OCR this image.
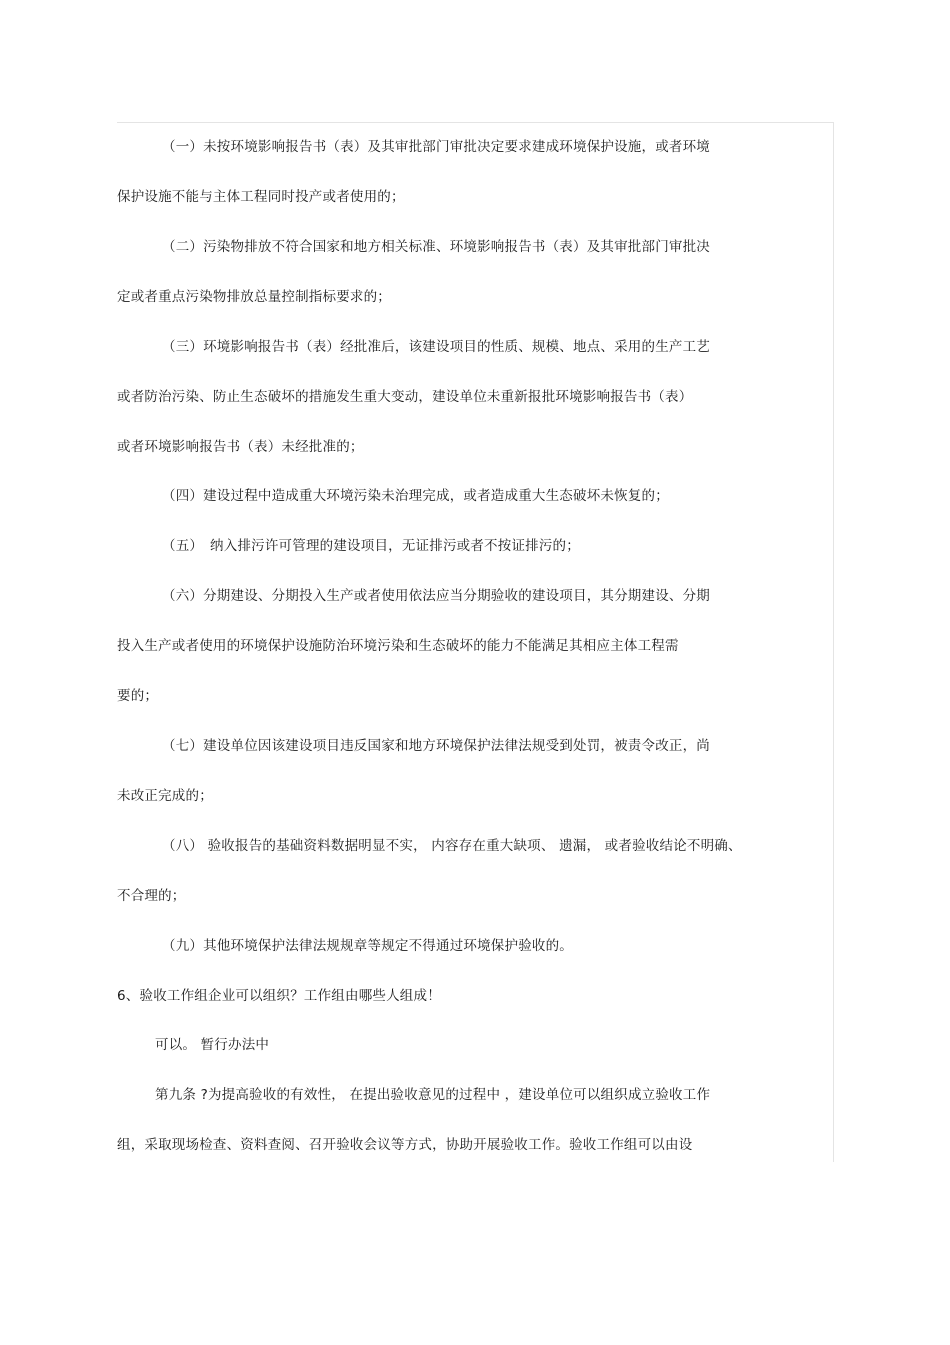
（一）未按环境影响报告书（表）及其审批部门审批决定要求建成环境保护设施，或者环境
保护设施不能与主体工程同时投产或者使用的；
（二）污染物排放不符合国家和地方相关标准、环境影响报告书（表）及其审批部门审批决
定或者重点污染物排放总量控制指标要求的；
（三）环境影响报告书（表）经批准后，该建设项目的性质、规模、地点、采用的生产工艺
或者防治污染、防止生态破坏的措施发生重大变动，建设单位未重新报批环境影响报告书（表）
或者环境影响报告书（表）未经批准的；
（四）建设过程中造成重大环境污染未治理完成，或者造成重大生态破坏未恢复的；
（五）　纳入排污许可管理的建设项目，无证排污或者不按证排污的；
（六）分期建设、分期投入生产或者使用依法应当分期验收的建设项目，其分期建设、分期
投入生产或者使用的环境保护设施防治环境污染和生态破坏的能力不能满足其相应主体工程需
要的；
（七）建设单位因该建设项目违反国家和地方环境保护法律法规受到处罚，被责令改正，尚
未改正完成的；
（八） 验收报告的基础资料数据明显不实， 内容存在重大缺项、 遗漏， 或者验收结论不明确、
不合理的；
（九）其他环境保护法律法规规章等规定不得通过环境保护验收的。
6、验收工作组企业可以组织？工作组由哪些人组成！
可以。 暂行办法中
第九条 ?为提高验收的有效性， 在提出验收意见的过程中 ，建设单位可以组织成立验收工作
组，采取现场检查、资料查阅、召开验收会议等方式，协助开展验收工作。验收工作组可以由设
